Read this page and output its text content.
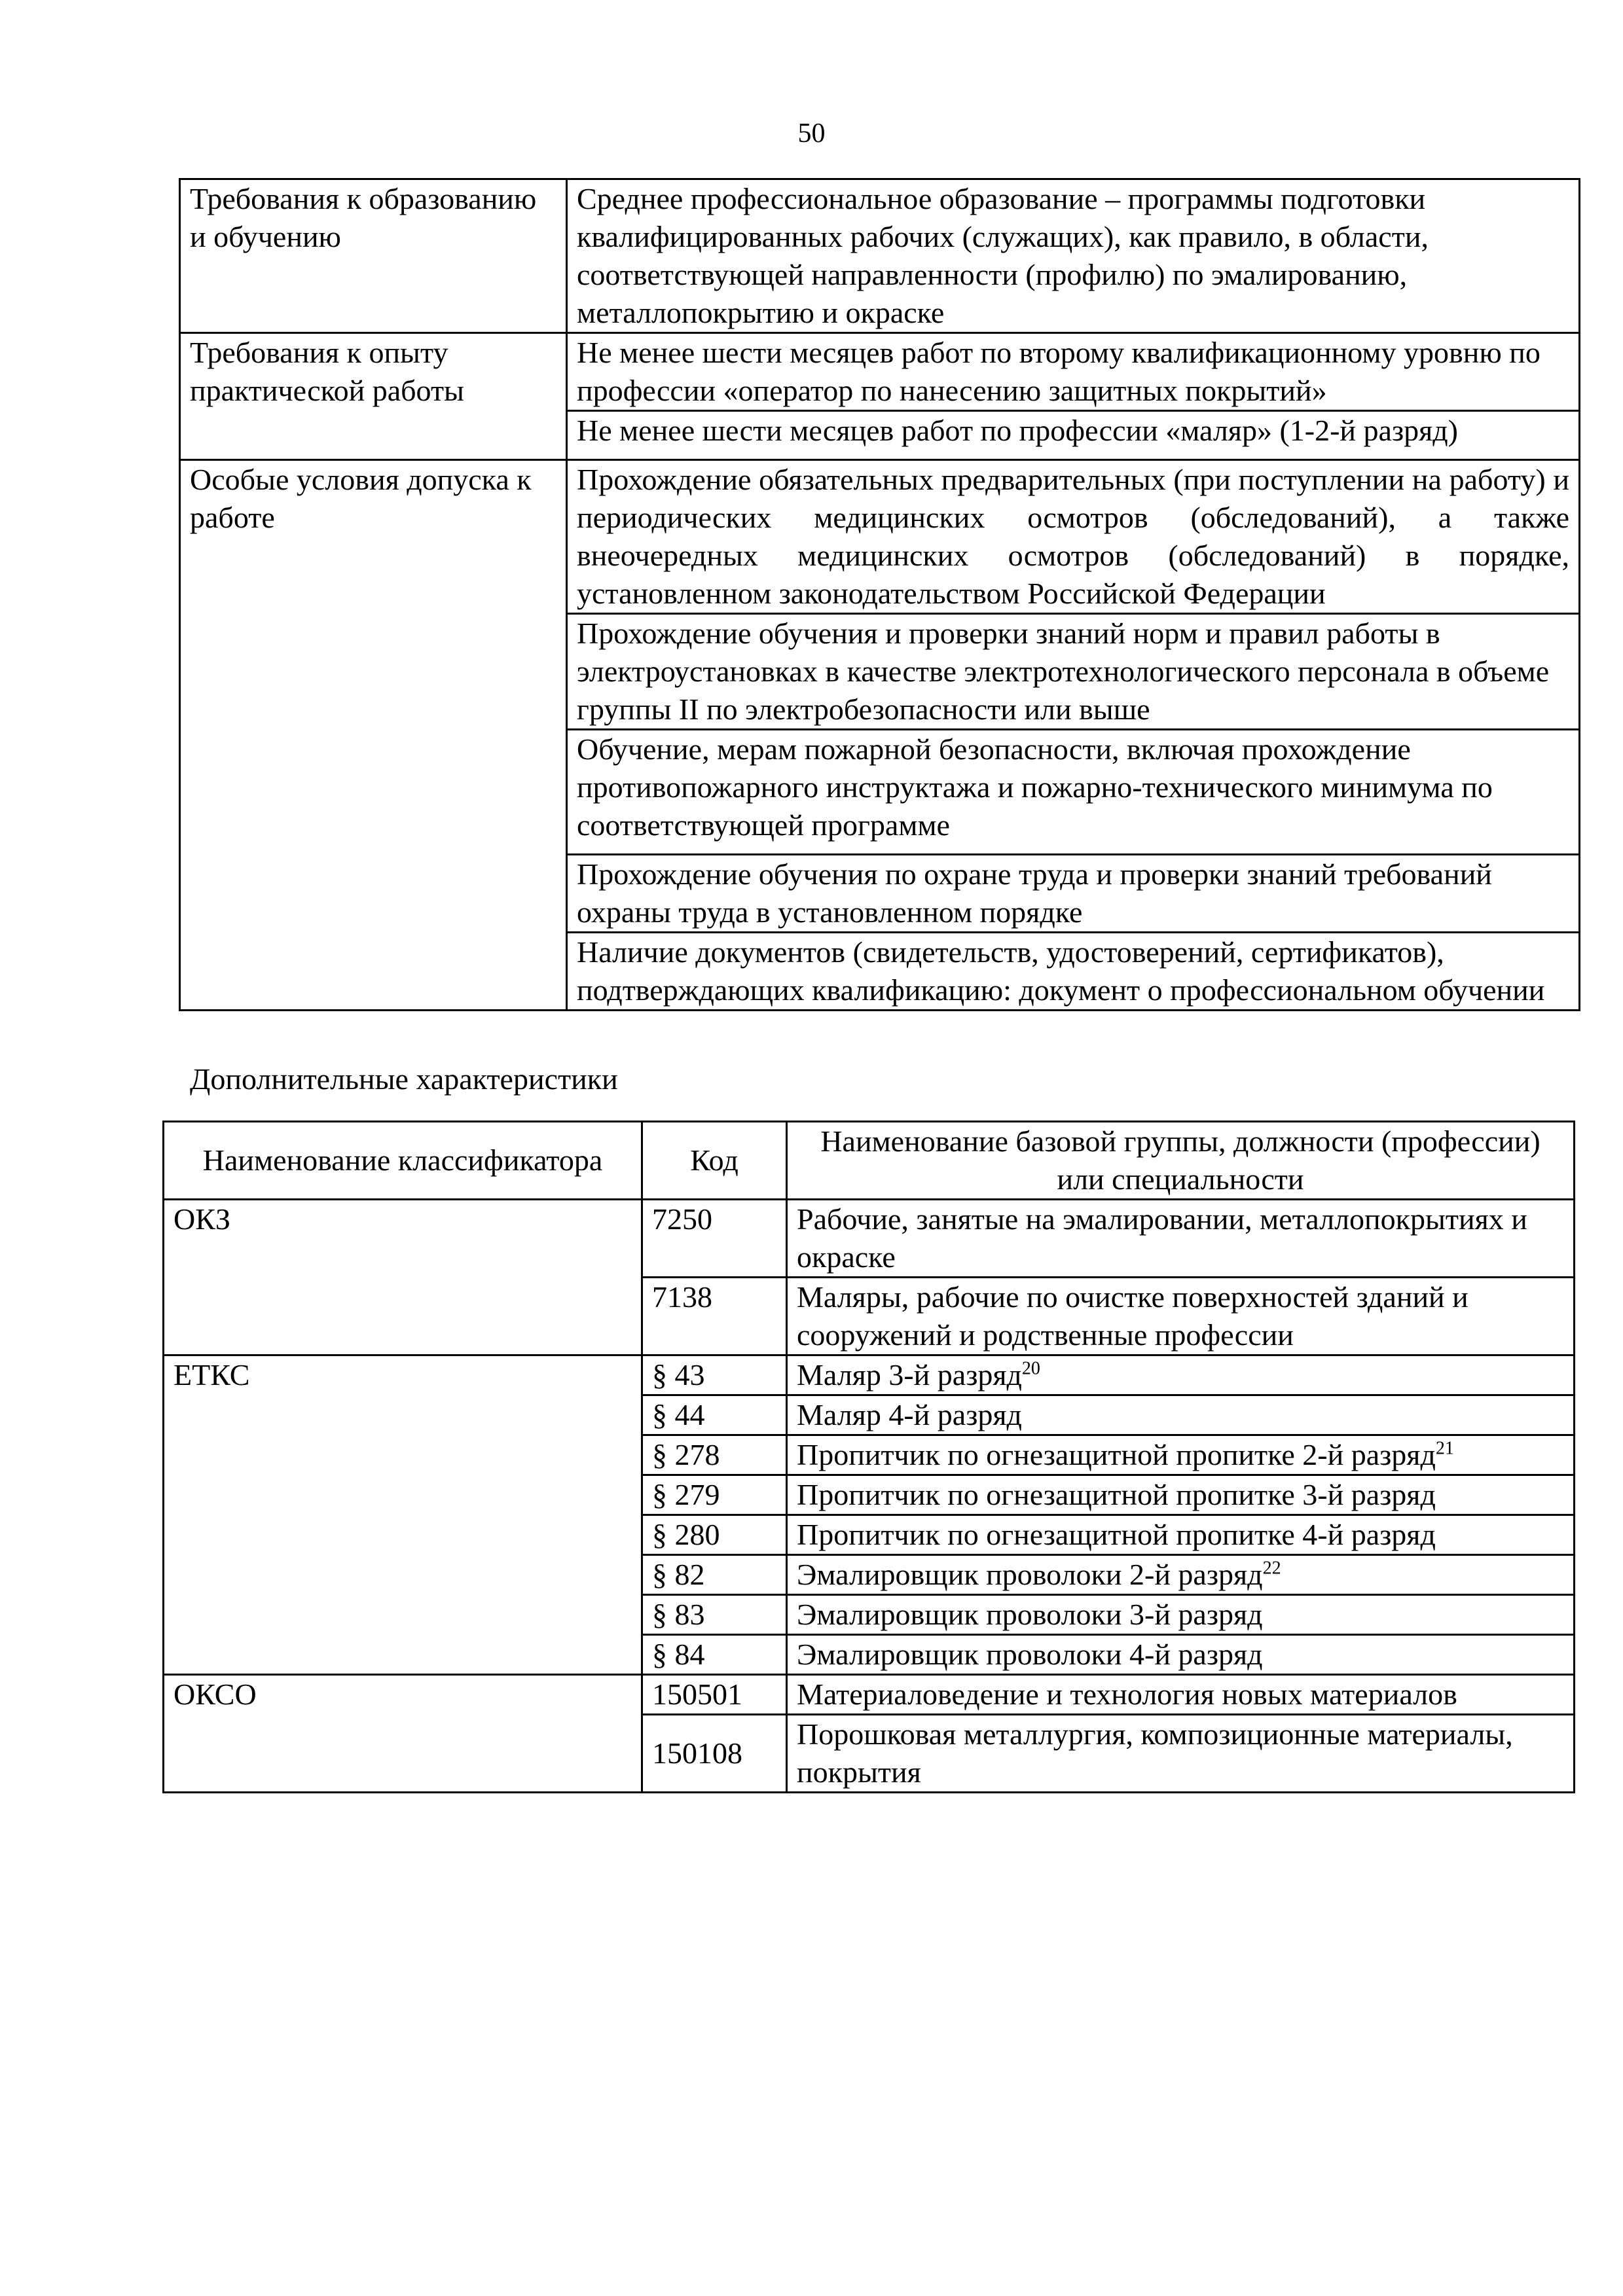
50
Требования к образованию и обучению	Среднее профессиональное образование – программы подготовки квалифицированных рабочих (служащих), как правило, в области, соответствующей направленности (профилю) по эмалированию, металлопокрытию и окраске
Требования к опыту практической работы	Не менее шести месяцев работ по второму квалификационному уровню по профессии «оператор по нанесению защитных покрытий»
	Не менее шести месяцев работ по профессии «маляр» (1-2-й разряд)
Особые условия допуска к работе	Прохождение обязательных предварительных (при поступлении на работу) и периодических медицинских осмотров (обследований), а также внеочередных медицинских осмотров (обследований) в порядке, установленном законодательством Российской Федерации
	Прохождение обучения и проверки знаний норм и правил работы в электроустановках в качестве электротехнологического персонала в объеме группы II по электробезопасности или выше
	Обучение, мерам пожарной безопасности, включая прохождение противопожарного инструктажа и пожарно-технического минимума по соответствующей программе
	Прохождение обучения по охране труда и проверки знаний требований охраны труда в установленном порядке
	Наличие документов (свидетельств, удостоверений, сертификатов), подтверждающих квалификацию: документ о профессиональном обучении
Дополнительные характеристики
Наименование классификатора	Код	Наименование базовой группы, должности (профессии) или специальности
ОКЗ	7250	Рабочие, занятые на эмалировании, металлопокрытиях и окраске
	7138	Маляры, рабочие по очистке поверхностей зданий и сооружений и родственные профессии
ЕТКС	§ 43	Маляр 3-й разряд$^{20}$
	§ 44	Маляр 4-й разряд
	§ 278	Пропитчик по огнезащитной пропитке 2-й разряд$^{21}$
	§ 279	Пропитчик по огнезащитной пропитке 3-й разряд
	§ 280	Пропитчик по огнезащитной пропитке 4-й разряд
	§ 82	Эмалировщик проволоки 2-й разряд$^{22}$
	§ 83	Эмалировщик проволоки 3-й разряд
	§ 84	Эмалировщик проволоки 4-й разряд
ОКСО	150501	Материаловедение и технология новых материалов
	150108	Порошковая металлургия, композиционные материалы, покрытия
